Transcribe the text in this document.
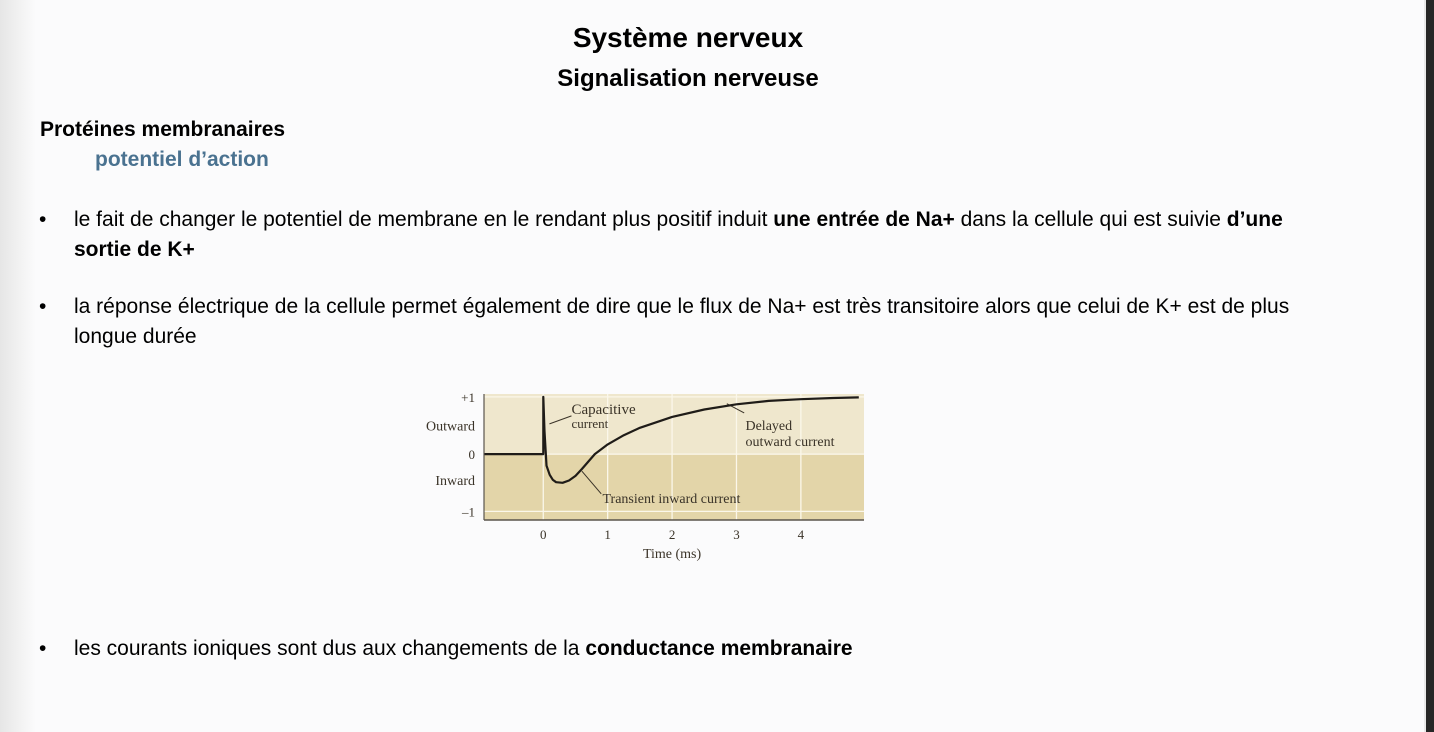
Système nerveux
Signalisation nerveuse
Protéines membranaires
potentiel d’action
• le fait de changer le potentiel de membrane en le rendant plus positif induit une entrée de Na+ dans la cellule qui est suivie d’une sortie de K+
• la réponse électrique de la cellule permet également de dire que le flux de Na+ est très transitoire alors que celui de K+ est de plus longue durée
+1
0
–1
0	1	2	3	4
Outward
Inward
Capacitive
current	Delayed
outward current
Transient inward current
Time (ms)
• les courants ioniques sont dus aux changements de la conductance membranaire
